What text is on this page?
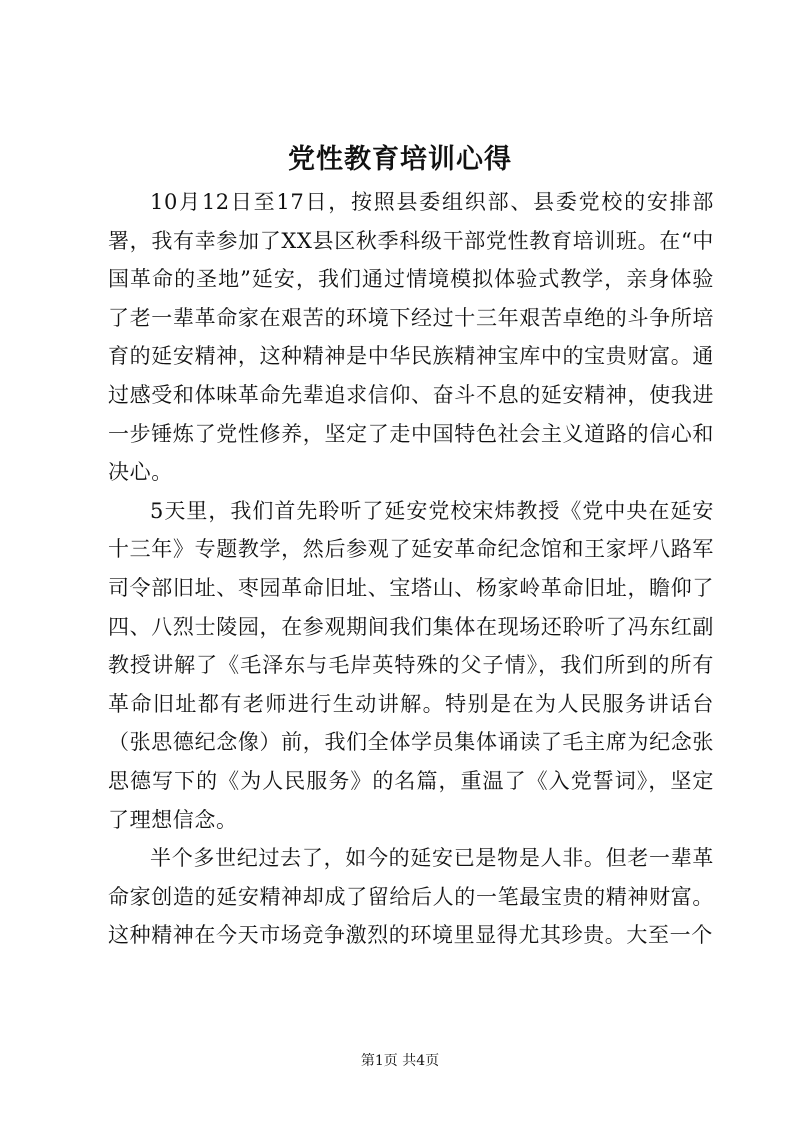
党性教育培训心得

10月12日至17日，按照县委组织部、县委党校的安排部署，我有幸参加了XX县区秋季科级干部党性教育培训班。在“中国革命的圣地”延安，我们通过情境模拟体验式教学，亲身体验了老一辈革命家在艰苦的环境下经过十三年艰苦卓绝的斗争所培育的延安精神，这种精神是中华民族精神宝库中的宝贵财富。通过感受和体味革命先辈追求信仰、奋斗不息的延安精神，使我进一步锤炼了党性修养，坚定了走中国特色社会主义道路的信心和决心。

5天里，我们首先聆听了延安党校宋炜教授《党中央在延安十三年》专题教学，然后参观了延安革命纪念馆和王家坪八路军司令部旧址、枣园革命旧址、宝塔山、杨家岭革命旧址，瞻仰了四、八烈士陵园，在参观期间我们集体在现场还聆听了冯东红副教授讲解了《毛泽东与毛岸英特殊的父子情》，我们所到的所有革命旧址都有老师进行生动讲解。特别是在为人民服务讲话台（张思德纪念像）前，我们全体学员集体诵读了毛主席为纪念张思德写下的《为人民服务》的名篇，重温了《入党誓词》，坚定了理想信念。

半个多世纪过去了，如今的延安已是物是人非。但老一辈革命家创造的延安精神却成了留给后人的一笔最宝贵的精神财富。这种精神在今天市场竞争激烈的环境里显得尤其珍贵。大至一个

第1页 共4页
